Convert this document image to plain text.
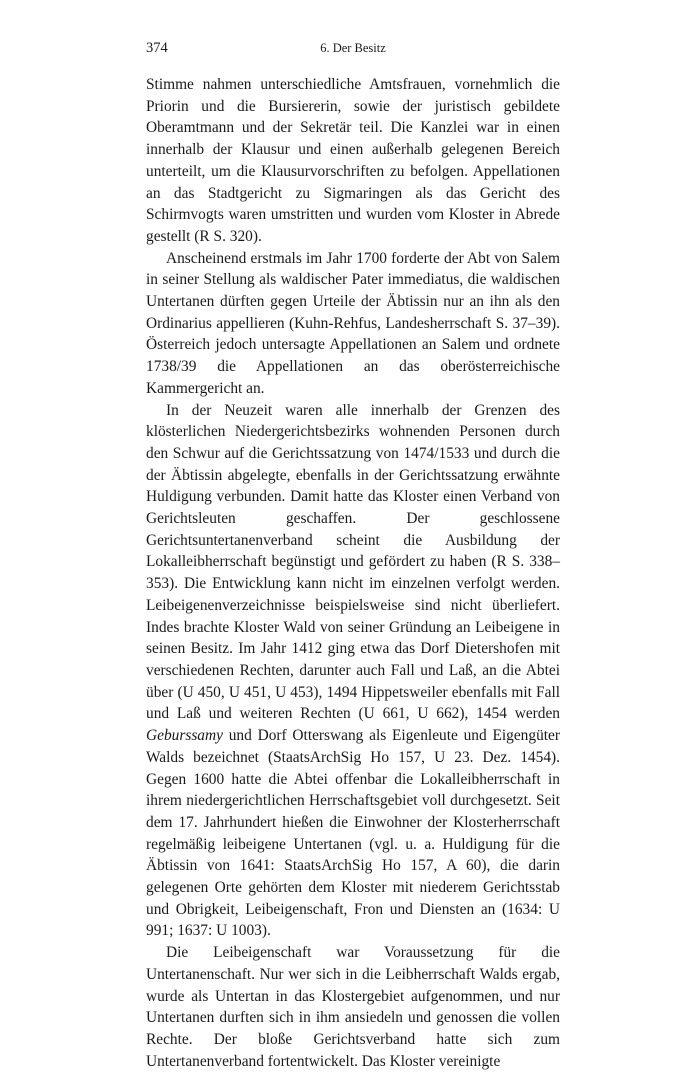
374	6. Der Besitz

Stimme nahmen unterschiedliche Amtsfrauen, vornehmlich die Priorin und die Bursiererin, sowie der juristisch gebildete Oberamtmann und der Sekretär teil. Die Kanzlei war in einen innerhalb der Klausur und einen außerhalb gelegenen Bereich unterteilt, um die Klausurvorschriften zu befolgen. Appellationen an das Stadtgericht zu Sigmaringen als das Gericht des Schirmvogts waren umstritten und wurden vom Kloster in Abrede gestellt (R S. 320).

Anscheinend erstmals im Jahr 1700 forderte der Abt von Salem in seiner Stellung als waldischer Pater immediatus, die waldischen Untertanen dürften gegen Urteile der Äbtissin nur an ihn als den Ordinarius appellieren (Kuhn-Rehfus, Landesherrschaft S. 37–39). Österreich jedoch untersagte Appellationen an Salem und ordnete 1738/39 die Appellationen an das oberösterreichische Kammergericht an.

In der Neuzeit waren alle innerhalb der Grenzen des klösterlichen Niedergerichtsbezirks wohnenden Personen durch den Schwur auf die Gerichtssatzung von 1474/1533 und durch die der Äbtissin abgelegte, ebenfalls in der Gerichtssatzung erwähnte Huldigung verbunden. Damit hatte das Kloster einen Verband von Gerichtsleuten geschaffen. Der geschlossene Gerichtsuntertanenverband scheint die Ausbildung der Lokalleibherrschaft begünstigt und gefördert zu haben (R S. 338–353). Die Entwicklung kann nicht im einzelnen verfolgt werden. Leibeigenenverzeichnisse beispielsweise sind nicht überliefert. Indes brachte Kloster Wald von seiner Gründung an Leibeigene in seinen Besitz. Im Jahr 1412 ging etwa das Dorf Dietershofen mit verschiedenen Rechten, darunter auch Fall und Laß, an die Abtei über (U 450, U 451, U 453), 1494 Hippetsweiler ebenfalls mit Fall und Laß und weiteren Rechten (U 661, U 662), 1454 werden Geburssamy und Dorf Otterswang als Eigenleute und Eigengüter Walds bezeichnet (StaatsArchSig Ho 157, U 23. Dez. 1454). Gegen 1600 hatte die Abtei offenbar die Lokalleibherrschaft in ihrem niedergerichtlichen Herrschaftsgebiet voll durchgesetzt. Seit dem 17. Jahrhundert hießen die Einwohner der Klosterherrschaft regelmäßig leibeigene Untertanen (vgl. u. a. Huldigung für die Äbtissin von 1641: StaatsArchSig Ho 157, A 60), die darin gelegenen Orte gehörten dem Kloster mit niederem Gerichtsstab und Obrigkeit, Leibeigenschaft, Fron und Diensten an (1634: U 991; 1637: U 1003).

Die Leibeigenschaft war Voraussetzung für die Untertanenschaft. Nur wer sich in die Leibherrschaft Walds ergab, wurde als Untertan in das Klostergebiet aufgenommen, und nur Untertanen durften sich in ihm ansiedeln und genossen die vollen Rechte. Der bloße Gerichtsverband hatte sich zum Untertanenverband fortentwickelt. Das Kloster vereinigte
